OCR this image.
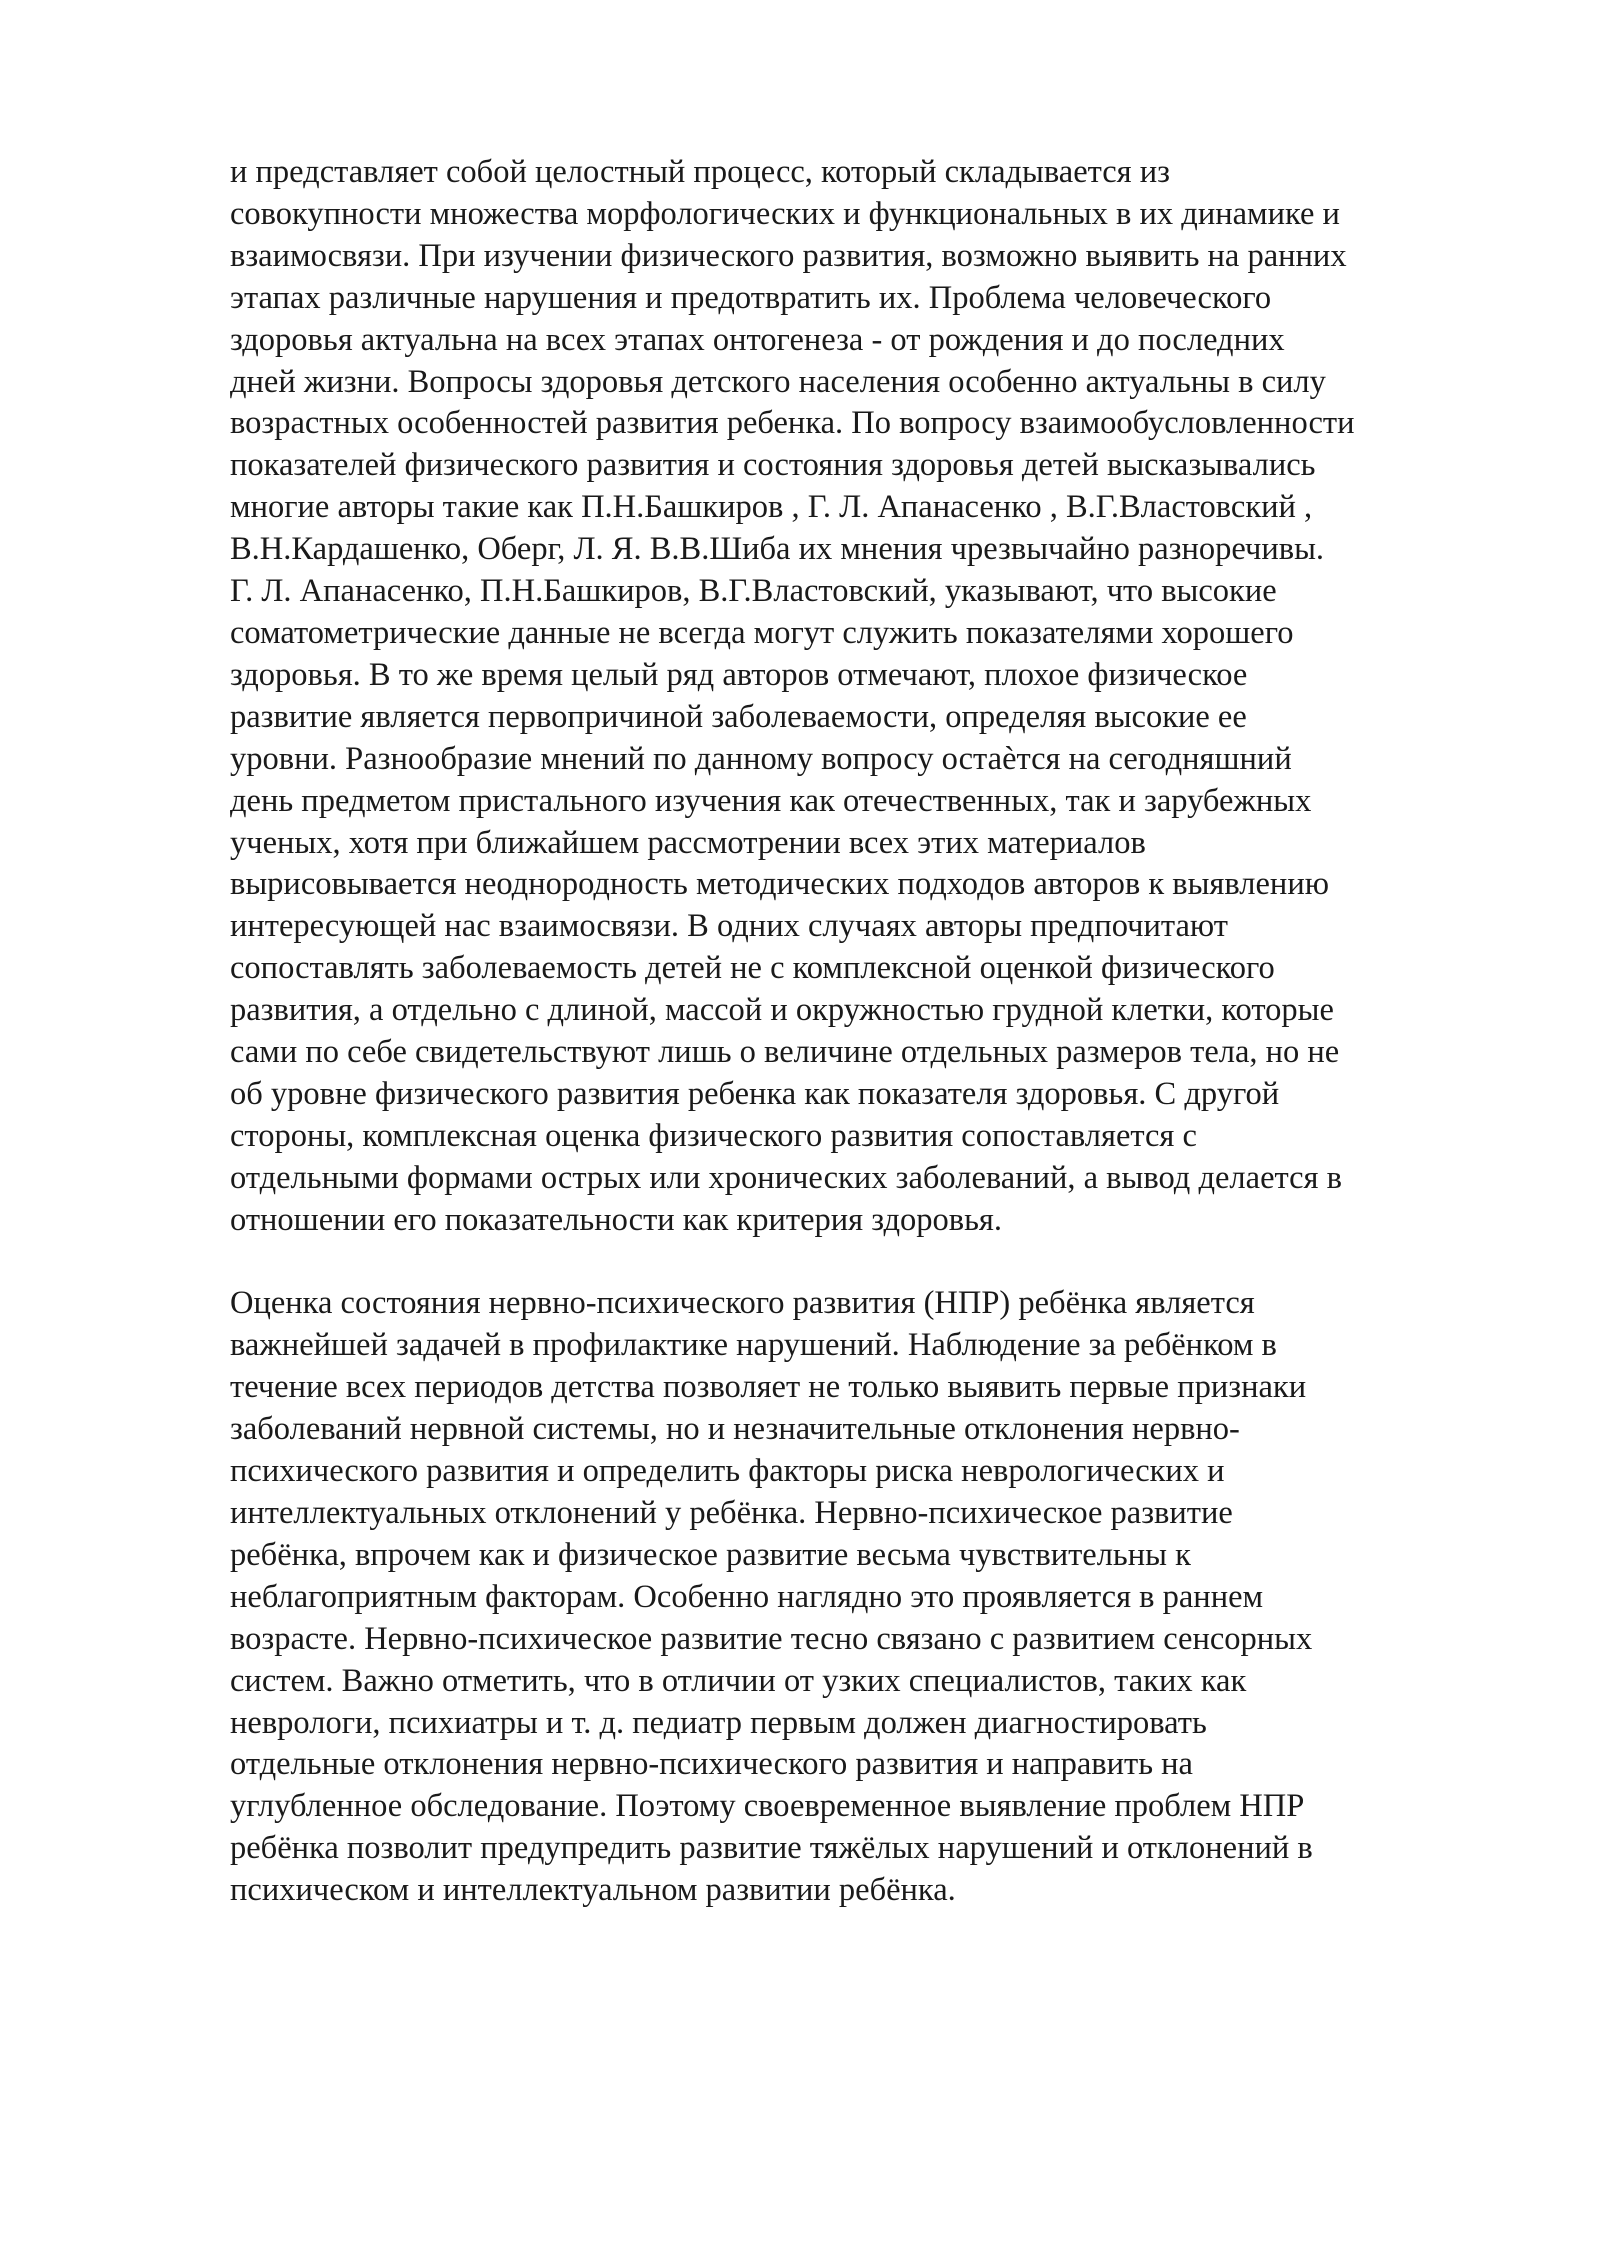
и представляет собой целостный процесс, который складывается из
совокупности множества морфологических и функциональных в их динамике и
взаимосвязи. При изучении физического развития, возможно выявить на ранних
этапах различные нарушения и предотвратить их. Проблема человеческого
здоровья актуальна на всех этапах онтогенеза - от рождения и до последних
дней жизни. Вопросы здоровья детского населения особенно актуальны в силу
возрастных особенностей развития ребенка. По вопросу взаимообусловленности
показателей физического развития и состояния здоровья детей высказывались
многие авторы такие как П.Н.Башкиров , Г. Л. Апанасенко , В.Г.Властовский ,
В.Н.Кардашенко, Оберг, Л. Я. В.В.Шиба их мнения чрезвычайно разноречивы.
Г. Л. Апанасенко, П.Н.Башкиров, В.Г.Властовский, указывают, что высокие
соматометрические данные не всегда могут служить показателями хорошего
здоровья. В то же время целый ряд авторов отмечают, плохое физическое
развитие является первопричиной заболеваемости, определяя высокие ее
уровни. Разнообразие мнений по данному вопросу остаѐтся на сегодняшний
день предметом пристального изучения как отечественных, так и зарубежных
ученых, хотя при ближайшем рассмотрении всех этих материалов
вырисовывается неоднородность методических подходов авторов к выявлению
интересующей нас взаимосвязи. В одних случаях авторы предпочитают
сопоставлять заболеваемость детей не с комплексной оценкой физического
развития, а отдельно с длиной, массой и окружностью грудной клетки, которые
сами по себе свидетельствуют лишь о величине отдельных размеров тела, но не
об уровне физического развития ребенка как показателя здоровья. С другой
стороны, комплексная оценка физического развития сопоставляется с
отдельными формами острых или хронических заболеваний, а вывод делается в
отношении его показательности как критерия здоровья.

Оценка состояния нервно-психического развития (НПР) ребёнка является
важнейшей задачей в профилактике нарушений. Наблюдение за ребёнком в
течение всех периодов детства позволяет не только выявить первые признаки
заболеваний нервной системы, но и незначительные отклонения нервно-
психического развития и определить факторы риска неврологических и
интеллектуальных отклонений у ребёнка. Нервно-психическое развитие
ребёнка, впрочем как и физическое развитие весьма чувствительны к
неблагоприятным факторам. Особенно наглядно это проявляется в раннем
возрасте. Нервно-психическое развитие тесно связано с развитием сенсорных
систем. Важно отметить, что в отличии от узких специалистов, таких как
неврологи, психиатры и т. д. педиатр первым должен диагностировать
отдельные отклонения нервно-психического развития и направить на
углубленное обследование. Поэтому своевременное выявление проблем НПР
ребёнка позволит предупредить развитие тяжёлых нарушений и отклонений в
психическом и интеллектуальном развитии ребёнка.
